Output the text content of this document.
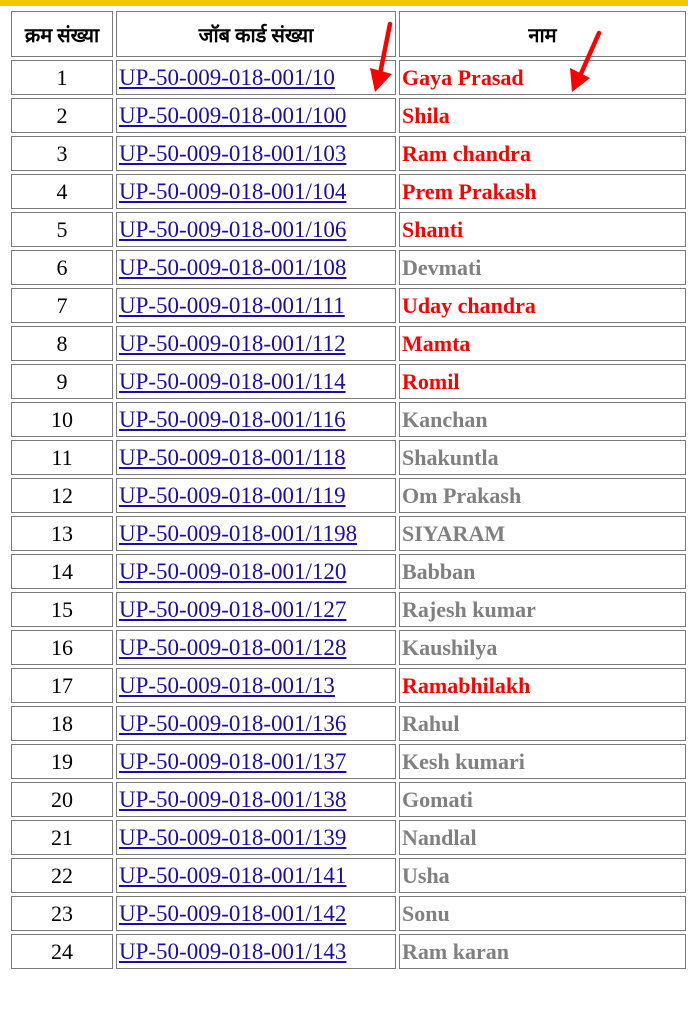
क्रम संख्या	जॉब कार्ड संख्या	नाम
1	UP-50-009-018-001/10	Gaya Prasad
2	UP-50-009-018-001/100	Shila
3	UP-50-009-018-001/103	Ram chandra
4	UP-50-009-018-001/104	Prem Prakash
5	UP-50-009-018-001/106	Shanti
6	UP-50-009-018-001/108	Devmati
7	UP-50-009-018-001/111	Uday chandra
8	UP-50-009-018-001/112	Mamta
9	UP-50-009-018-001/114	Romil
10	UP-50-009-018-001/116	Kanchan
11	UP-50-009-018-001/118	Shakuntla
12	UP-50-009-018-001/119	Om Prakash
13	UP-50-009-018-001/1198	SIYARAM
14	UP-50-009-018-001/120	Babban
15	UP-50-009-018-001/127	Rajesh kumar
16	UP-50-009-018-001/128	Kaushilya
17	UP-50-009-018-001/13	Ramabhilakh
18	UP-50-009-018-001/136	Rahul
19	UP-50-009-018-001/137	Kesh kumari
20	UP-50-009-018-001/138	Gomati
21	UP-50-009-018-001/139	Nandlal
22	UP-50-009-018-001/141	Usha
23	UP-50-009-018-001/142	Sonu
24	UP-50-009-018-001/143	Ram karan
